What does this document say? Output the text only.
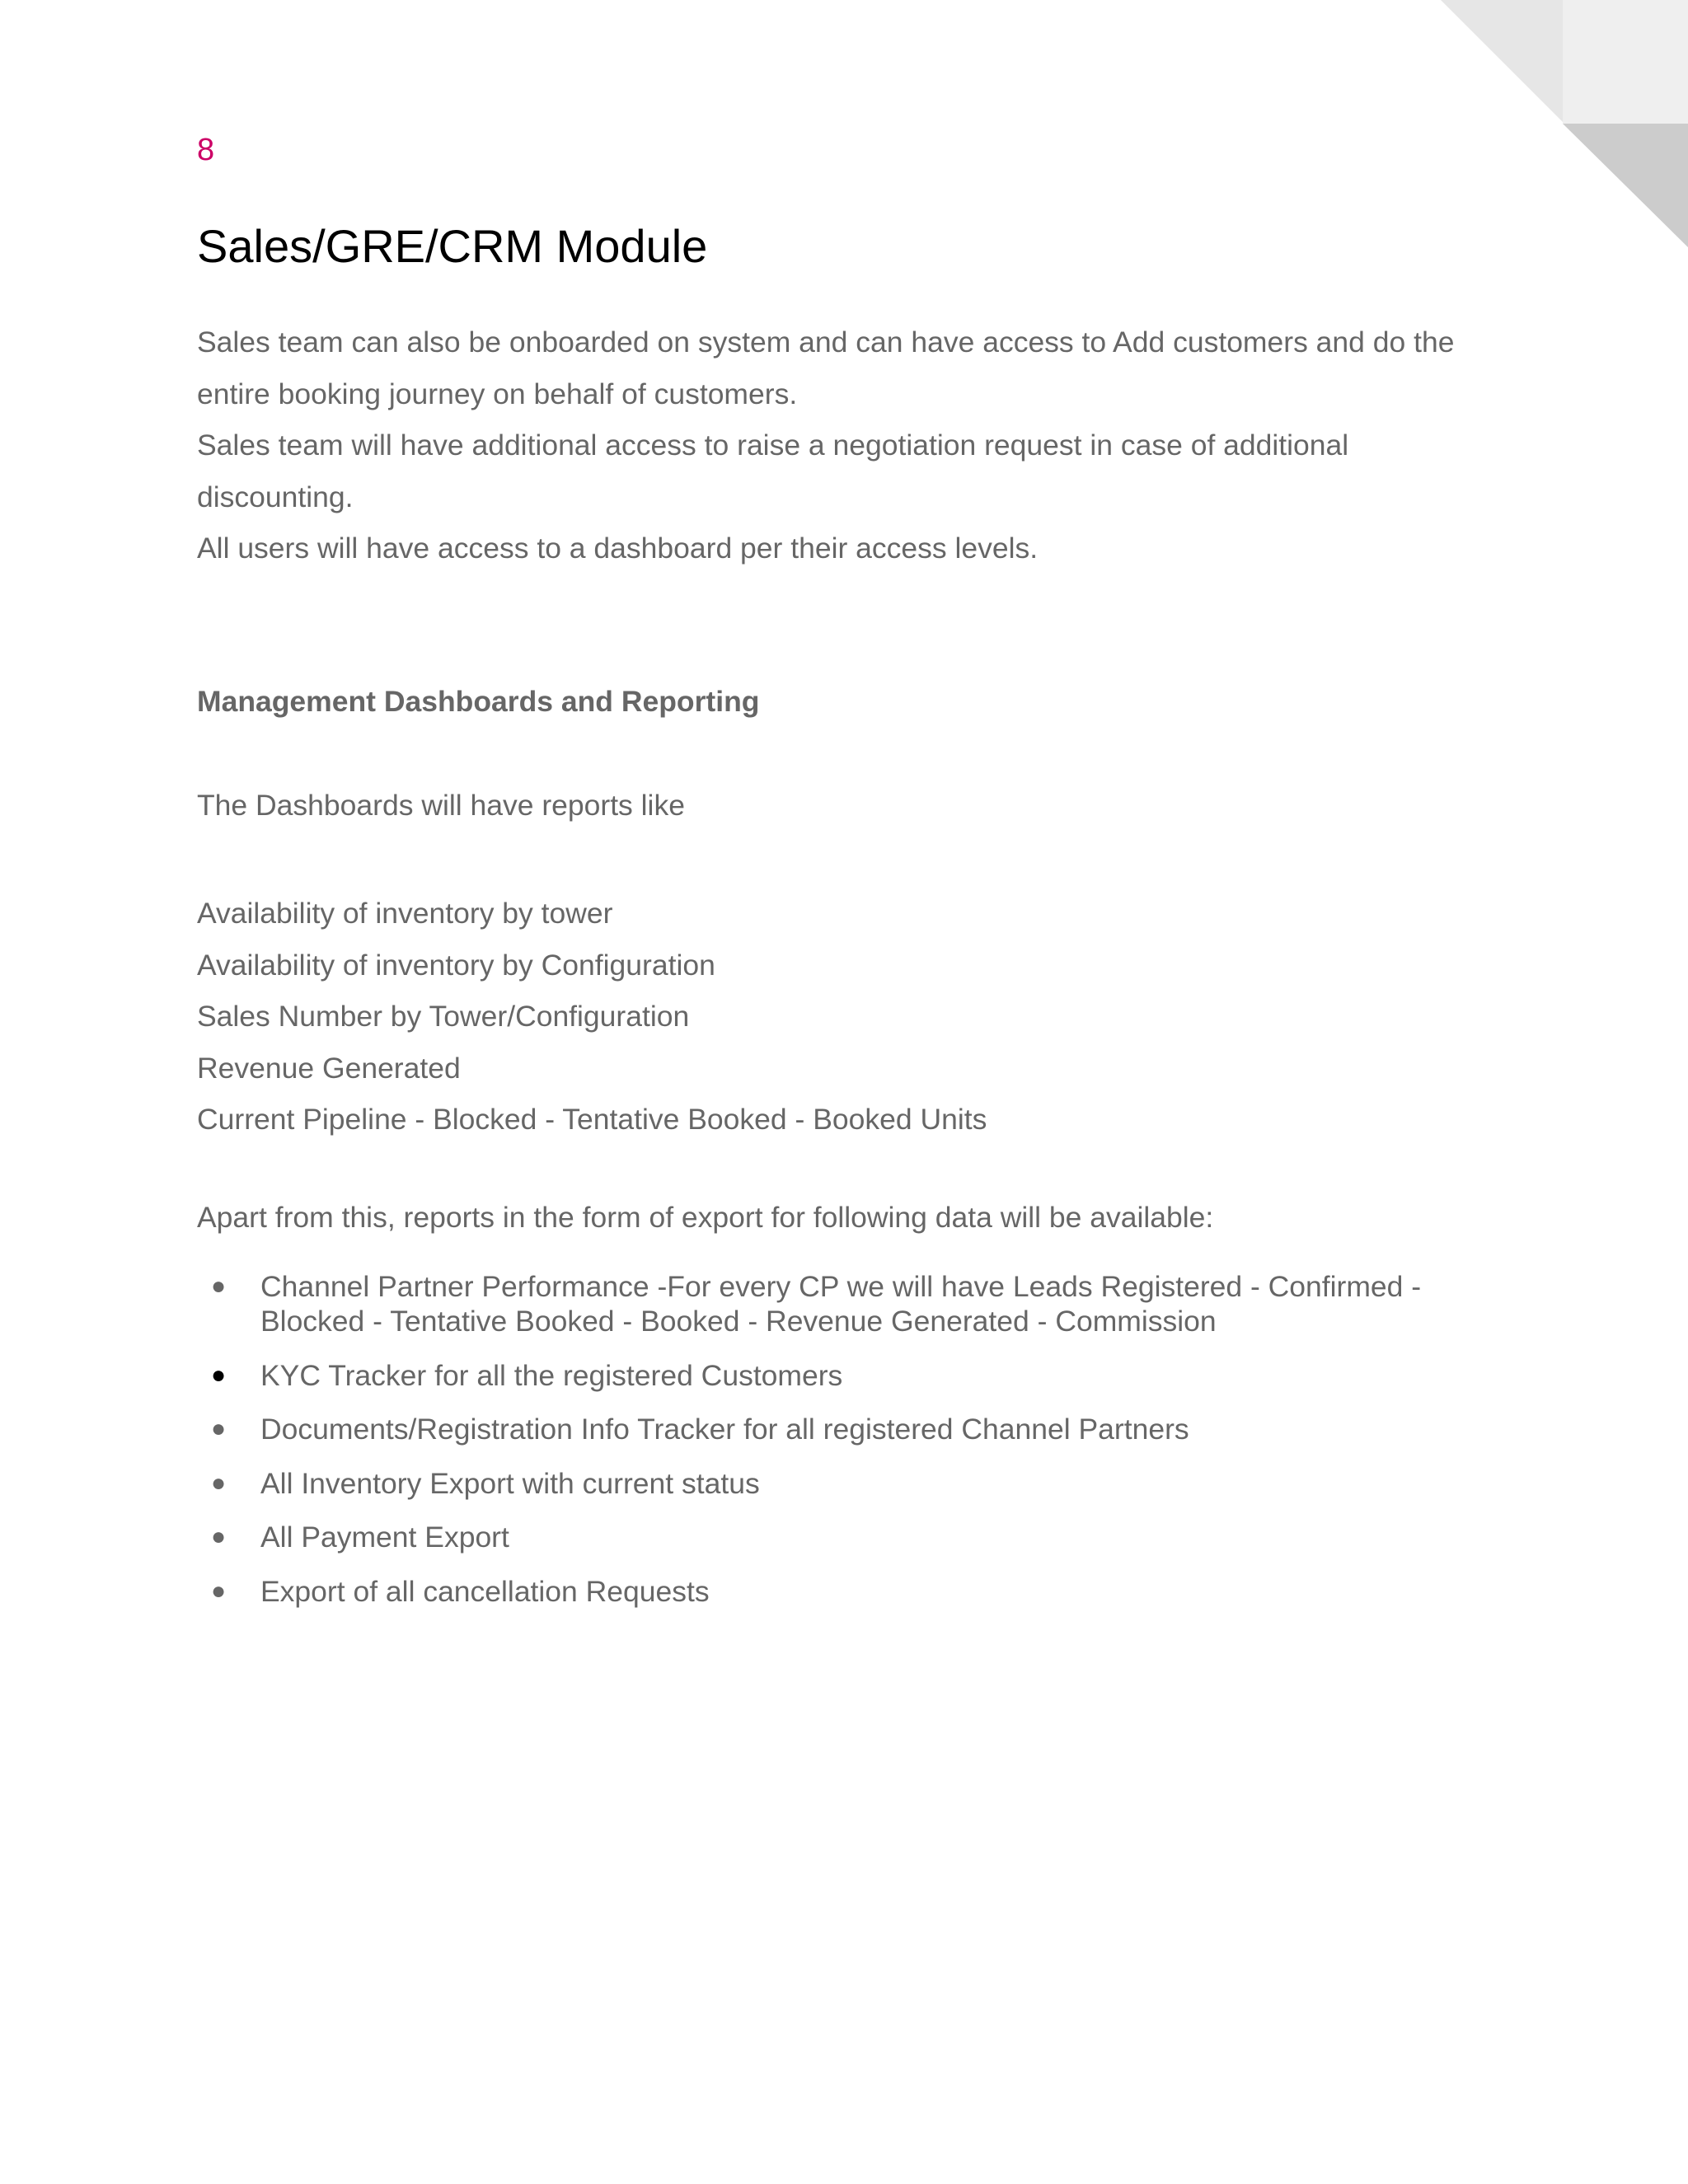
8
Sales/GRE/CRM Module

Sales team can also be onboarded on system and can have access to Add customers and do the entire booking journey on behalf of customers.

Sales team will have additional access to raise a negotiation request in case of additional discounting.

All users will have access to a dashboard per their access levels.

Management Dashboards and Reporting
The Dashboards will have reports like
Availability of inventory by tower
Availability of inventory by Configuration
Sales Number by Tower/Configuration
Revenue Generated
Current Pipeline - Blocked - Tentative Booked - Booked Units
Apart from this, reports in the form of export for following data will be available:
● Channel Partner Performance -For every CP we will have Leads Registered - Confirmed - Blocked - Tentative Booked - Booked - Revenue Generated - Commission
● KYC Tracker for all the registered Customers
● Documents/Registration Info Tracker for all registered Channel Partners
● All Inventory Export with current status
● All Payment Export
● Export of all cancellation Requests
